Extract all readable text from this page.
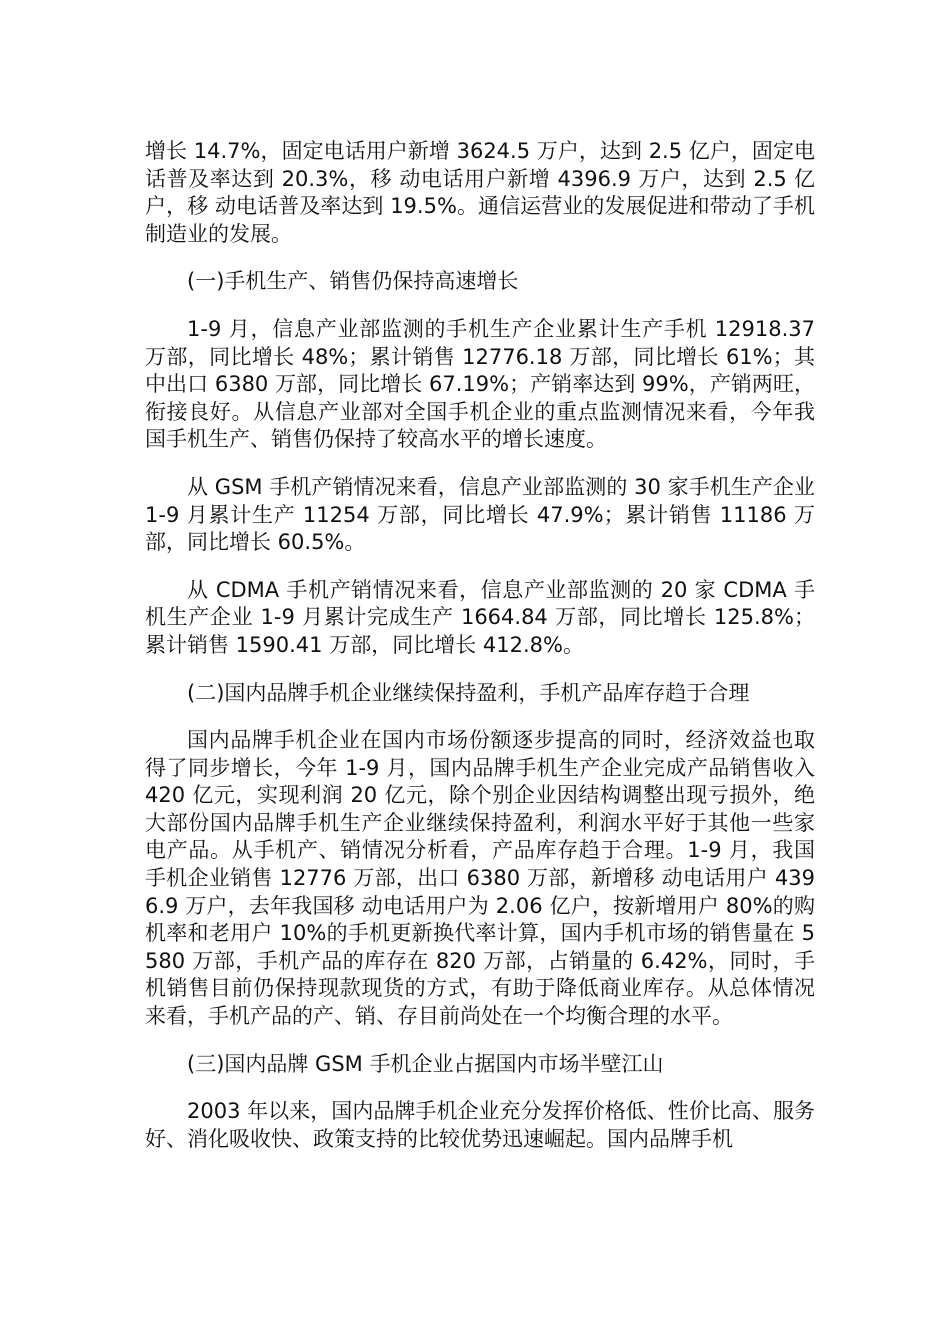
增长 14.7%，固定电话用户新增 3624.5 万户，达到 2.5 亿户，固定电话普及率达到 20.3%，移 动电话用户新增 4396.9 万户，达到 2.5 亿户，移 动电话普及率达到 19.5%。通信运营业的发展促进和带动了手机制造业的发展。

(一)手机生产、销售仍保持高速增长

1-9 月，信息产业部监测的手机生产企业累计生产手机 12918.37 万部，同比增长 48%；累计销售 12776.18 万部，同比增长 61%；其中出口 6380 万部，同比增长 67.19%；产销率达到 99%，产销两旺，衔接良好。从信息产业部对全国手机企业的重点监测情况来看，今年我国手机生产、销售仍保持了较高水平的增长速度。

从 GSM 手机产销情况来看，信息产业部监测的 30 家手机生产企业 1-9 月累计生产 11254 万部，同比增长 47.9%；累计销售 11186 万部，同比增长 60.5%。

从 CDMA 手机产销情况来看，信息产业部监测的 20 家 CDMA 手机生产企业 1-9 月累计完成生产 1664.84 万部，同比增长 125.8%；累计销售 1590.41 万部，同比增长 412.8%。

(二)国内品牌手机企业继续保持盈利，手机产品库存趋于合理

国内品牌手机企业在国内市场份额逐步提高的同时，经济效益也取得了同步增长，今年 1-9 月，国内品牌手机生产企业完成产品销售收入 420 亿元，实现利润 20 亿元，除个别企业因结构调整出现亏损外，绝大部份国内品牌手机生产企业继续保持盈利，利润水平好于其他一些家电产品。从手机产、销情况分析看，产品库存趋于合理。1-9 月，我国手机企业销售 12776 万部，出口 6380 万部，新增移 动电话用户 4396.9 万户，去年我国移 动电话用户为 2.06 亿户，按新增用户 80%的购机率和老用户 10%的手机更新换代率计算，国内手机市场的销售量在 5580 万部，手机产品的库存在 820 万部，占销量的 6.42%，同时，手机销售目前仍保持现款现货的方式，有助于降低商业库存。从总体情况来看，手机产品的产、销、存目前尚处在一个均衡合理的水平。

(三)国内品牌 GSM 手机企业占据国内市场半壁江山

2003 年以来，国内品牌手机企业充分发挥价格低、性价比高、服务好、消化吸收快、政策支持的比较优势迅速崛起。国内品牌手机
